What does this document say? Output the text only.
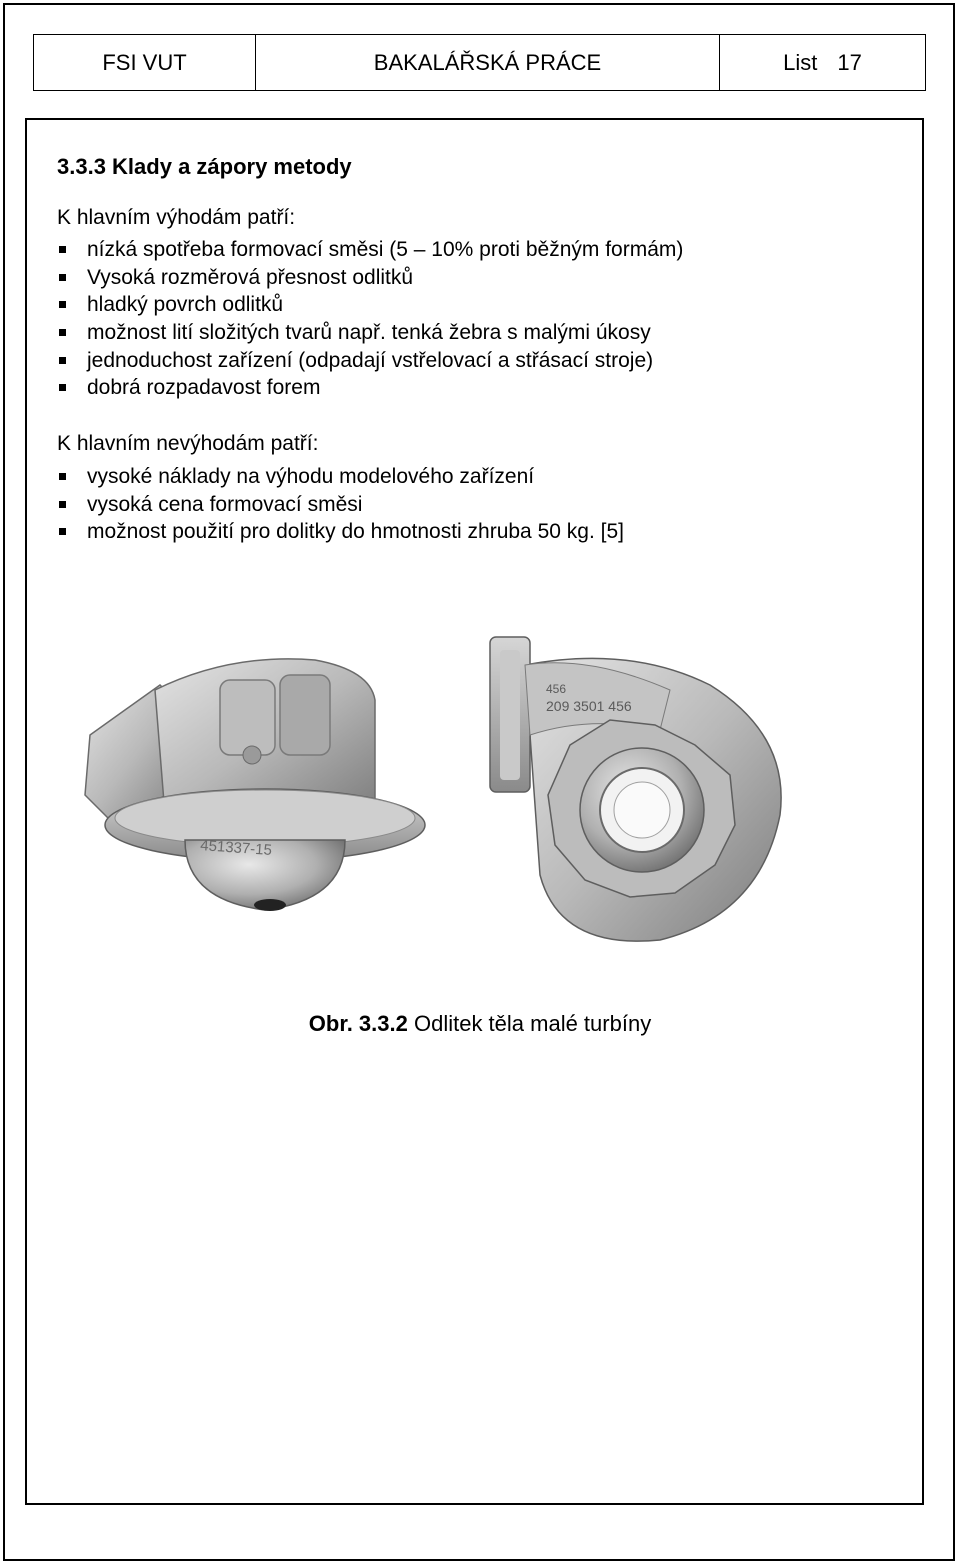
FSI VUT	BAKALÁŘSKÁ PRÁCE	List 17
3.3.3 Klady a zápory metody
K hlavním výhodám patří:
nízká spotřeba formovací směsi (5 – 10% proti běžným formám)
Vysoká rozměrová přesnost odlitků
hladký povrch odlitků
možnost lití složitých tvarů např. tenká žebra s malými úkosy
jednoduchost zařízení (odpadají vstřelovací a střásací stroje)
dobrá rozpadavost forem
K hlavním nevýhodám patří:
vysoké náklady na výhodu modelového zařízení
vysoká cena formovací směsi
možnost použití pro dolitky do hmotnosti zhruba 50 kg. [5]
451337-15
456
209 3501 456
Obr. 3.3.2 Odlitek těla malé turbíny
